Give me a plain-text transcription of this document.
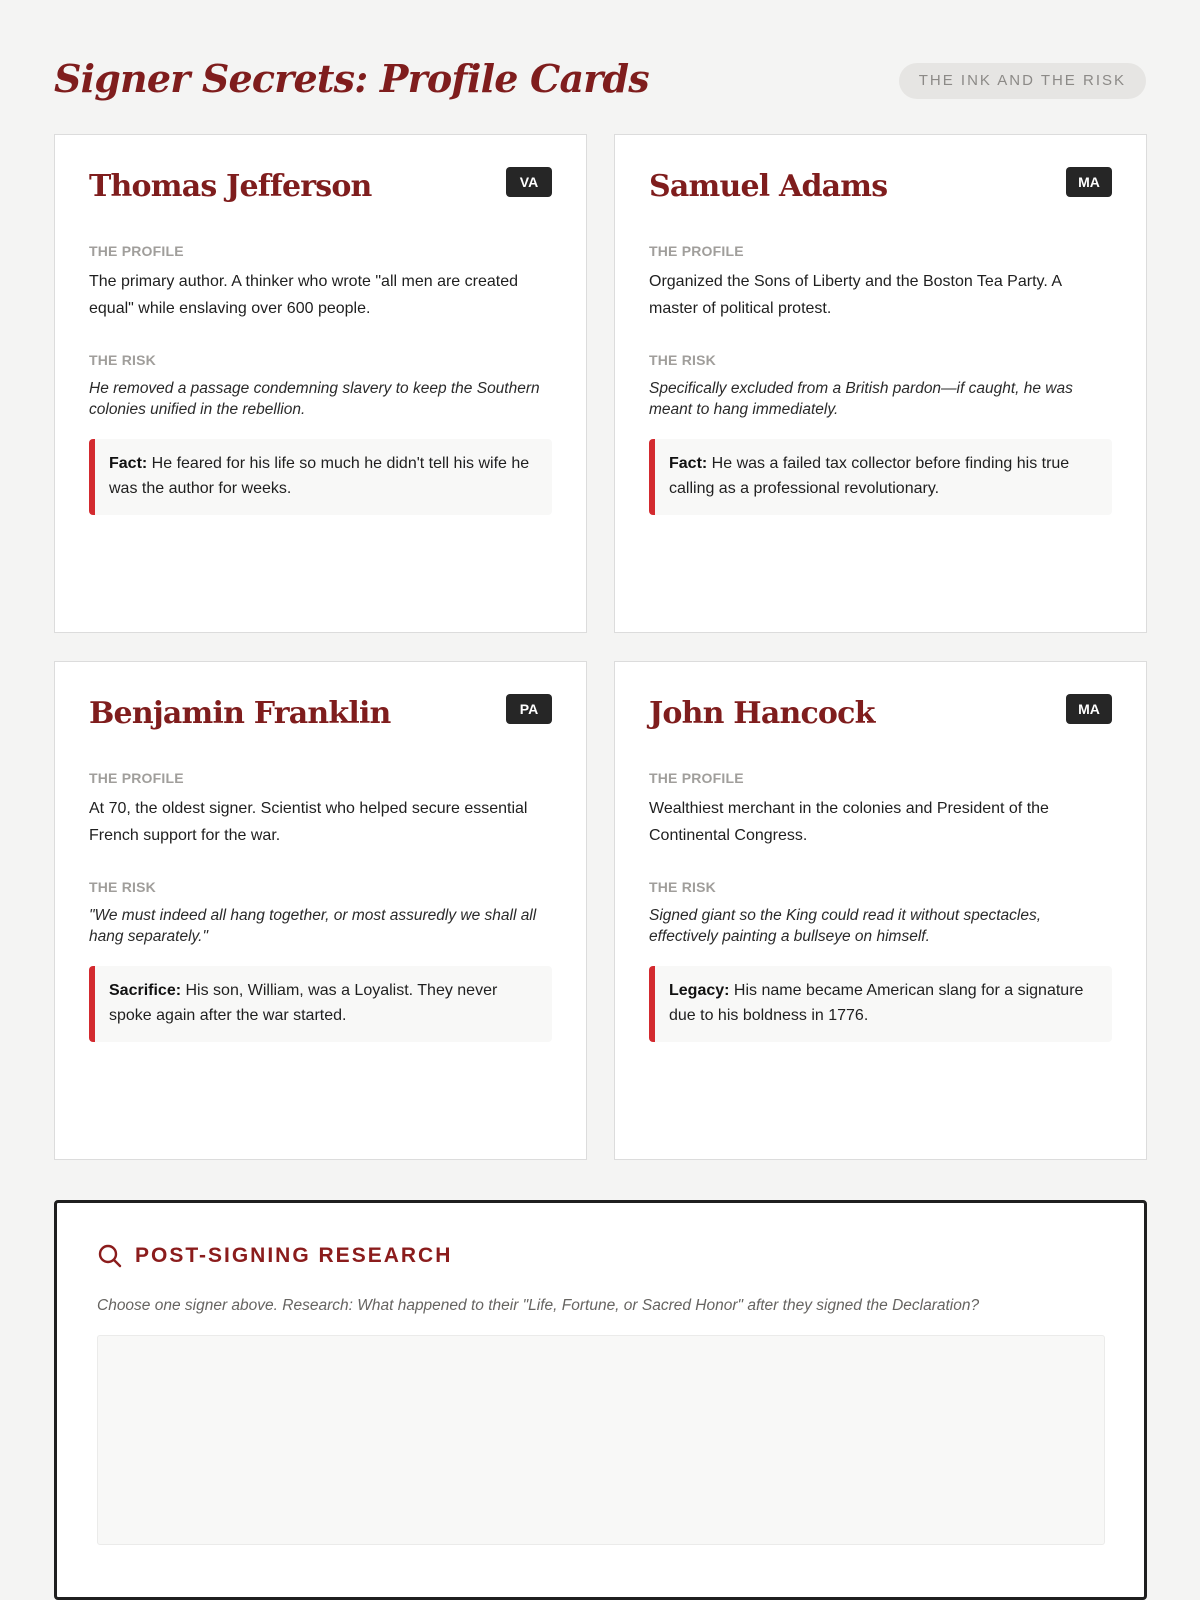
Signer Secrets: Profile Cards	THE INK AND THE RISK
Thomas Jefferson	VA
THE PROFILE

The primary author. A thinker who wrote "all men are created equal" while enslaving over 600 people.

THE RISK

He removed a passage condemning slavery to keep the Southern colonies unified in the rebellion.

Fact: He feared for his life so much he didn't tell his wife he was the author for weeks.
Samuel Adams	MA
THE PROFILE

Organized the Sons of Liberty and the Boston Tea Party. A master of political protest.

THE RISK

Specifically excluded from a British pardon—if caught, he was meant to hang immediately.

Fact: He was a failed tax collector before finding his true calling as a professional revolutionary.
Benjamin Franklin	PA
THE PROFILE

At 70, the oldest signer. Scientist who helped secure essential French support for the war.

THE RISK

"We must indeed all hang together, or most assuredly we shall all hang separately."

Sacrifice: His son, William, was a Loyalist. They never spoke again after the war started.
John Hancock	MA
THE PROFILE

Wealthiest merchant in the colonies and President of the Continental Congress.

THE RISK

Signed giant so the King could read it without spectacles, effectively painting a bullseye on himself.

Legacy: His name became American slang for a signature due to his boldness in 1776.
POST-SIGNING RESEARCH

Choose one signer above. Research: What happened to their "Life, Fortune, or Sacred Honor" after they signed the Declaration?
